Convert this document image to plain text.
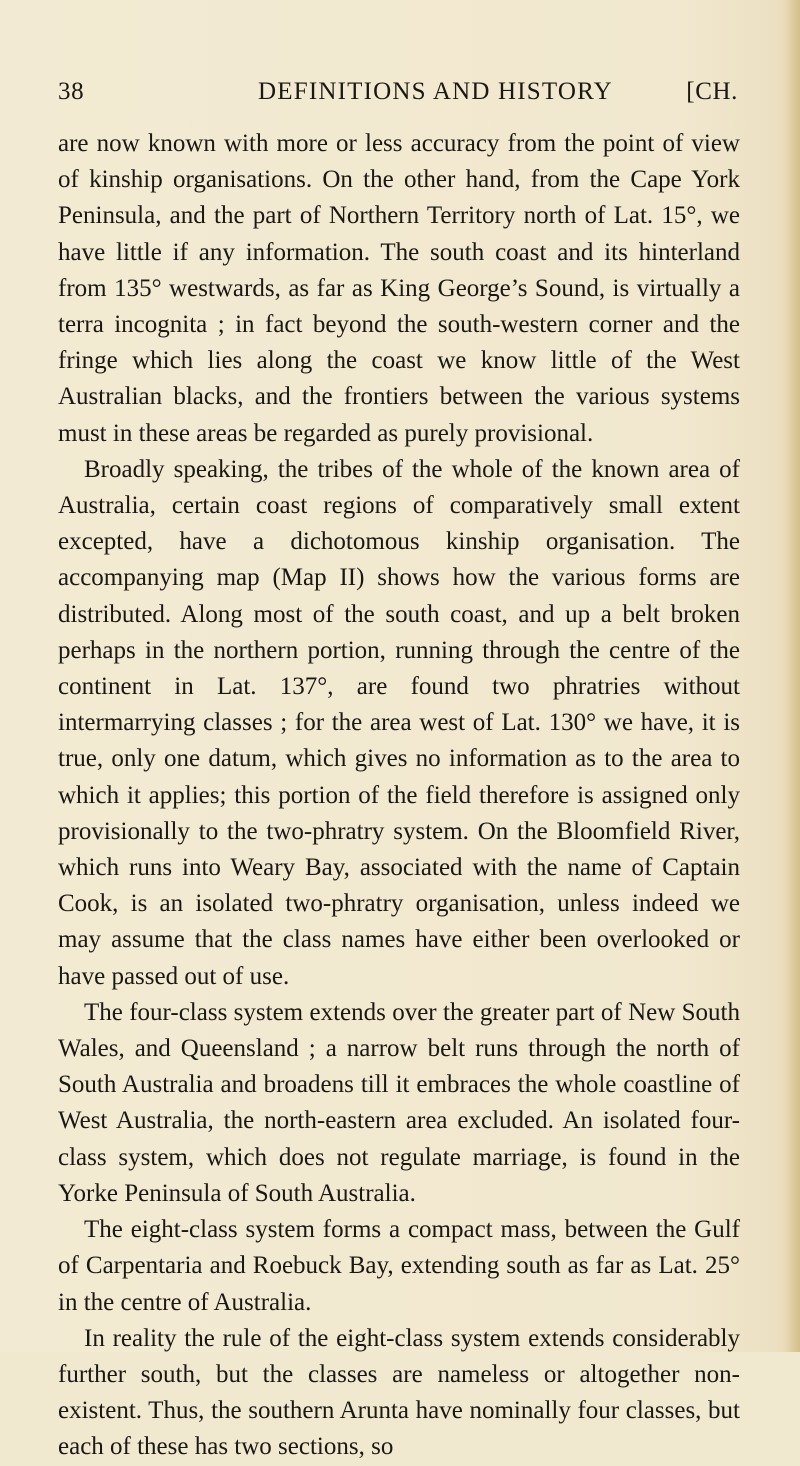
38	DEFINITIONS AND HISTORY	[CH.

are now known with more or less accuracy from the point of view of kinship organisations. On the other hand, from the Cape York Peninsula, and the part of Northern Territory north of Lat. 15°, we have little if any information. The south coast and its hinterland from 135° westwards, as far as King George’s Sound, is virtually a terra incognita ; in fact beyond the south-western corner and the fringe which lies along the coast we know little of the West Australian blacks, and the frontiers between the various systems must in these areas be regarded as purely provisional.

Broadly speaking, the tribes of the whole of the known area of Australia, certain coast regions of comparatively small extent excepted, have a dichotomous kinship organisation. The accompanying map (Map II) shows how the various forms are distributed. Along most of the south coast, and up a belt broken perhaps in the northern portion, running through the centre of the continent in Lat. 137°, are found two phratries without intermarrying classes ; for the area west of Lat. 130° we have, it is true, only one datum, which gives no information as to the area to which it applies; this portion of the field therefore is assigned only provisionally to the two-phratry system. On the Bloomfield River, which runs into Weary Bay, associated with the name of Captain Cook, is an isolated two-phratry organisation, unless indeed we may assume that the class names have either been overlooked or have passed out of use.

The four-class system extends over the greater part of New South Wales, and Queensland ; a narrow belt runs through the north of South Australia and broadens till it embraces the whole coastline of West Australia, the north-eastern area excluded. An isolated four-class system, which does not regulate marriage, is found in the Yorke Peninsula of South Australia.

The eight-class system forms a compact mass, between the Gulf of Carpentaria and Roebuck Bay, extending south as far as Lat. 25° in the centre of Australia.

In reality the rule of the eight-class system extends considerably further south, but the classes are nameless or altogether non-existent. Thus, the southern Arunta have nominally four classes, but each of these has two sections, so
